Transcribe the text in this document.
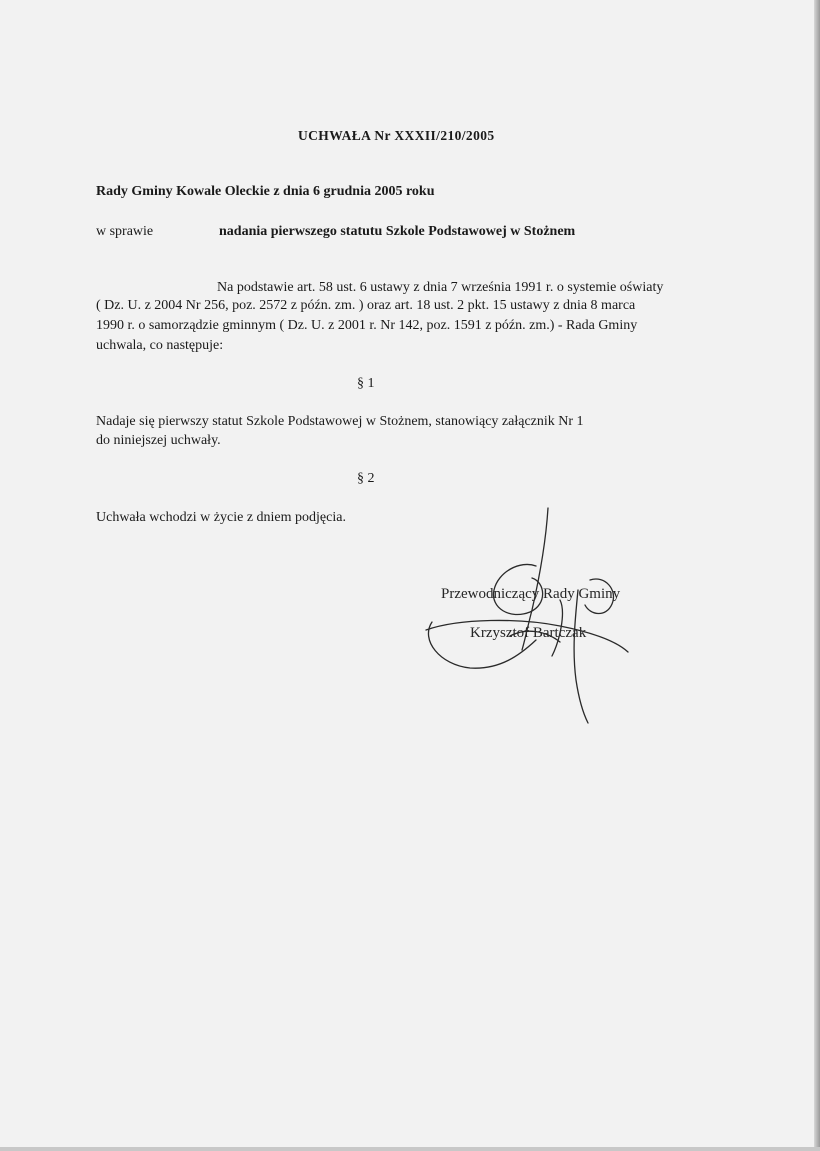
UCHWAŁA Nr XXXII/210/2005
Rady Gminy Kowale Oleckie z dnia 6 grudnia 2005 roku
w sprawie	nadania pierwszego statutu Szkole Podstawowej w Stożnem
Na podstawie art. 58 ust. 6 ustawy z dnia 7 września 1991 r. o systemie oświaty
( Dz. U. z 2004 Nr 256, poz. 2572 z późn. zm. ) oraz art. 18 ust. 2 pkt. 15 ustawy z dnia 8 marca
1990 r. o samorządzie gminnym ( Dz. U. z 2001 r. Nr 142, poz. 1591 z późn. zm.) - Rada Gminy
uchwala, co następuje:
§ 1
Nadaje się pierwszy statut Szkole Podstawowej w Stożnem, stanowiący załącznik Nr 1
do niniejszej uchwały.
§ 2
Uchwała wchodzi w życie z dniem podjęcia.
Przewodniczący Rady Gminy
Krzysztof Bartczak
